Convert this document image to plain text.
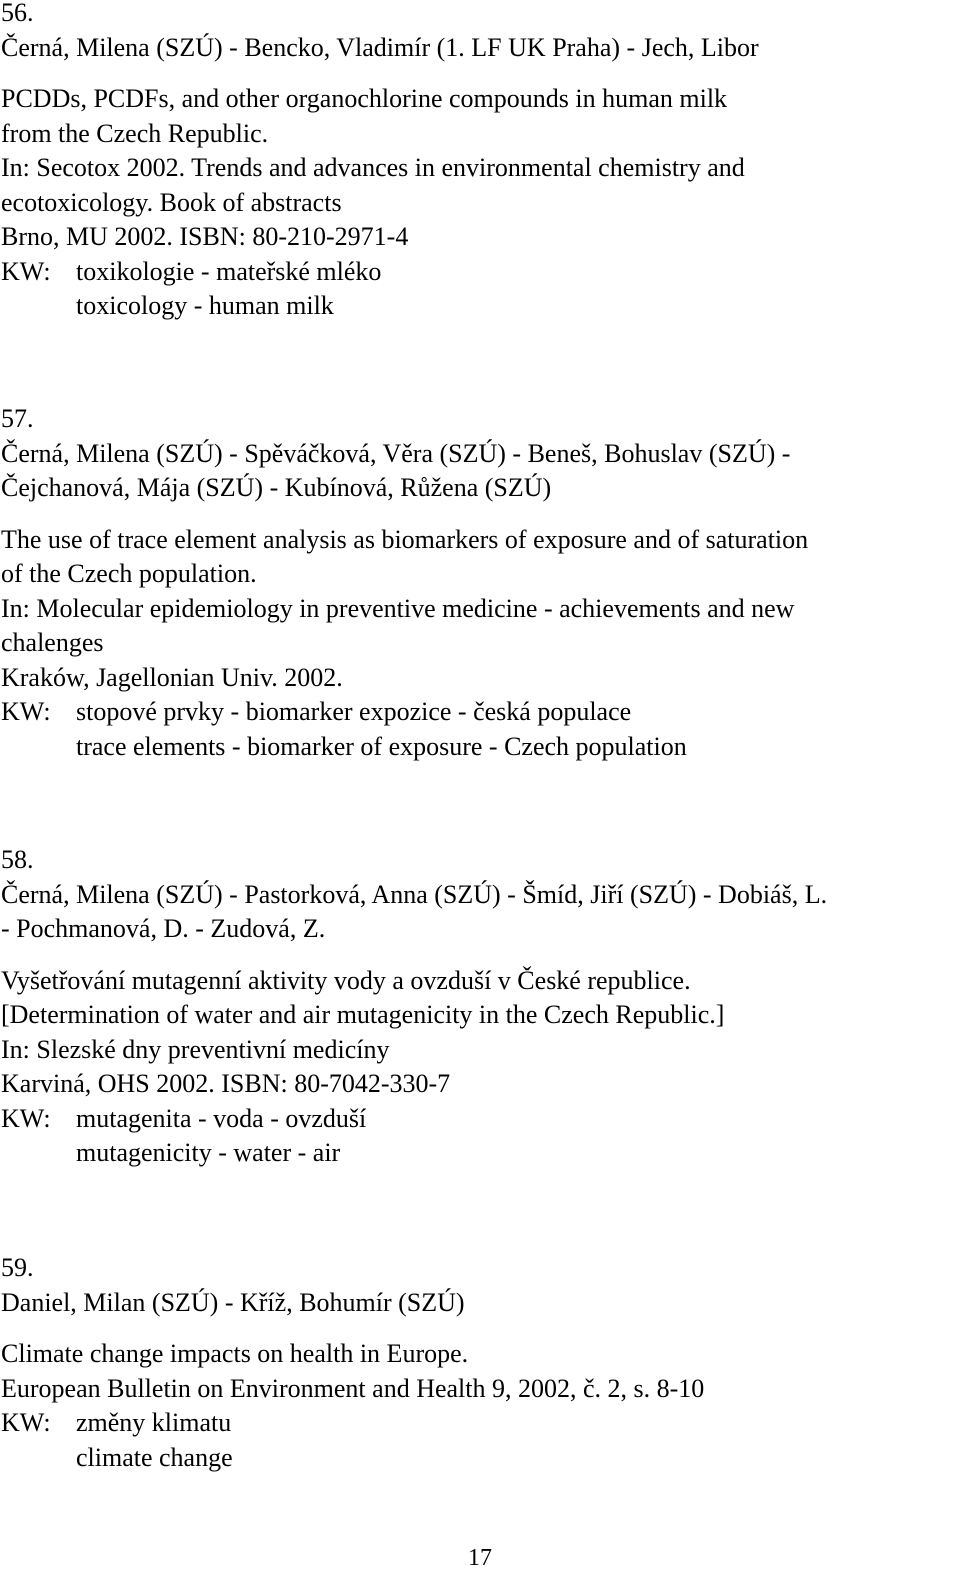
56.

Černá, Milena (SZÚ) - Bencko, Vladimír (1. LF UK Praha) - Jech, Libor

PCDDs, PCDFs, and other organochlorine compounds in human milk

from the Czech Republic.

In: Secotox 2002. Trends and advances in environmental chemistry and

ecotoxicology. Book of abstracts

Brno, MU 2002. ISBN: 80-210-2971-4

KW: toxikologie - mateřské mléko
toxicology - human milk

57.

Černá, Milena (SZÚ) - Spěváčková, Věra (SZÚ) - Beneš, Bohuslav (SZÚ) -

Čejchanová, Mája (SZÚ) - Kubínová, Růžena (SZÚ)

The use of trace element analysis as biomarkers of exposure and of saturation

of the Czech population.

In: Molecular epidemiology in preventive medicine - achievements and new

chalenges

Kraków, Jagellonian Univ. 2002.

KW: stopové prvky - biomarker expozice - česká populace
trace elements - biomarker of exposure - Czech population

58.

Černá, Milena (SZÚ) - Pastorková, Anna (SZÚ) - Šmíd, Jiří (SZÚ) - Dobiáš, L.

- Pochmanová, D. - Zudová, Z.

Vyšetřování mutagenní aktivity vody a ovzduší v České republice.

[Determination of water and air mutagenicity in the Czech Republic.]

In: Slezské dny preventivní medicíny

Karviná, OHS 2002. ISBN: 80-7042-330-7

KW: mutagenita - voda - ovzduší
mutagenicity - water - air

59.

Daniel, Milan (SZÚ) - Kříž, Bohumír (SZÚ)

Climate change impacts on health in Europe.

European Bulletin on Environment and Health 9, 2002, č. 2, s. 8-10

KW: změny klimatu
climate change
17
